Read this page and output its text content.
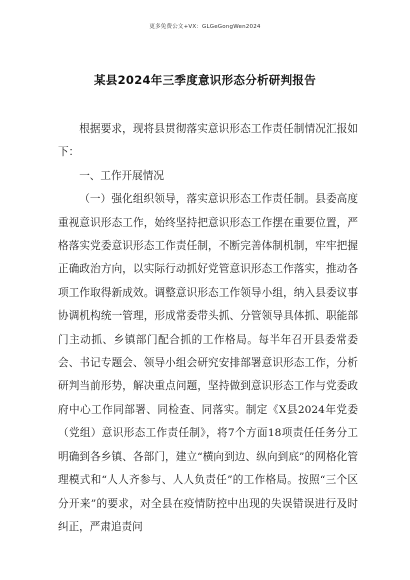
更多免费公文+VX：GLGeGongWen2024
某县2024年三季度意识形态分析研判报告

根据要求，现将县贯彻落实意识形态工作责任制情况汇报如下：

一、工作开展情况

（一）强化组织领导，落实意识形态工作责任制。县委高度重视意识形态工作，始终坚持把意识形态工作摆在重要位置，严格落实党委意识形态工作责任制，不断完善体制机制，牢牢把握正确政治方向，以实际行动抓好党管意识形态工作落实，推动各项工作取得新成效。调整意识形态工作领导小组，纳入县委议事协调机构统一管理，形成常委带头抓、分管领导具体抓、职能部门主动抓、乡镇部门配合抓的工作格局。每半年召开县委常委会、书记专题会、领导小组会研究安排部署意识形态工作，分析研判当前形势，解决重点问题，坚持做到意识形态工作与党委政府中心工作同部署、同检查、同落实。制定《X县2024年党委（党组）意识形态工作责任制》，将7个方面18项责任任务分工明确到各乡镇、各部门，建立“横向到边、纵向到底”的网格化管理模式和“人人齐参与、人人负责任”的工作格局。按照“三个区分开来”的要求，对全县在疫情防控中出现的失误错误进行及时纠正，严肃追责问
